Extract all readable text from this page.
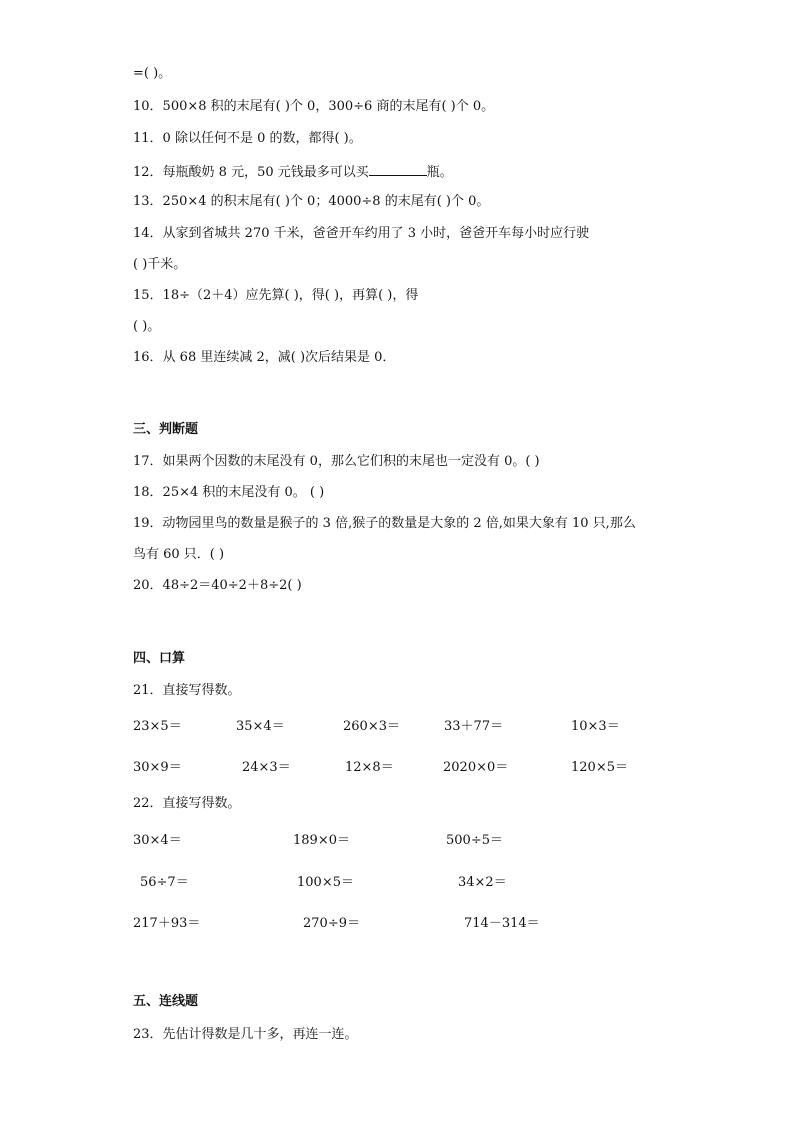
=( )。
10．500×8 积的末尾有( )个 0，300÷6 商的末尾有( )个 0。
11．0 除以任何不是 0 的数，都得( )。
12．每瓶酸奶 8 元，50 元钱最多可以买	瓶。
13．250×4 的积末尾有( )个 0；4000÷8 的末尾有( )个 0。
14．从家到省城共 270 千米，爸爸开车约用了 3 小时，爸爸开车每小时应行驶
( )千米。
15．18÷（2＋4）应先算( )，得( )，再算( )，得
( )。
16．从 68 里连续减 2，减( )次后结果是 0．
三、判断题
17．如果两个因数的末尾没有 0，那么它们积的末尾也一定没有 0。( )
18．25×4 积的末尾没有 0。 ( )
19．动物园里鸟的数量是猴子的 3 倍,猴子的数量是大象的 2 倍,如果大象有 10 只,那么
鸟有 60 只．( )
20．48÷2＝40÷2＋8÷2( )
四、口算
21．直接写得数。
23×5＝	35×4＝	260×3＝	33＋77＝	10×3＝
30×9＝	24×3＝	12×8＝	2020×0＝	120×5＝
22．直接写得数。
30×4＝	189×0＝	500÷5＝
56÷7＝	100×5＝	34×2＝
217＋93＝	270÷9＝	714－314＝
五、连线题
23．先估计得数是几十多，再连一连。
